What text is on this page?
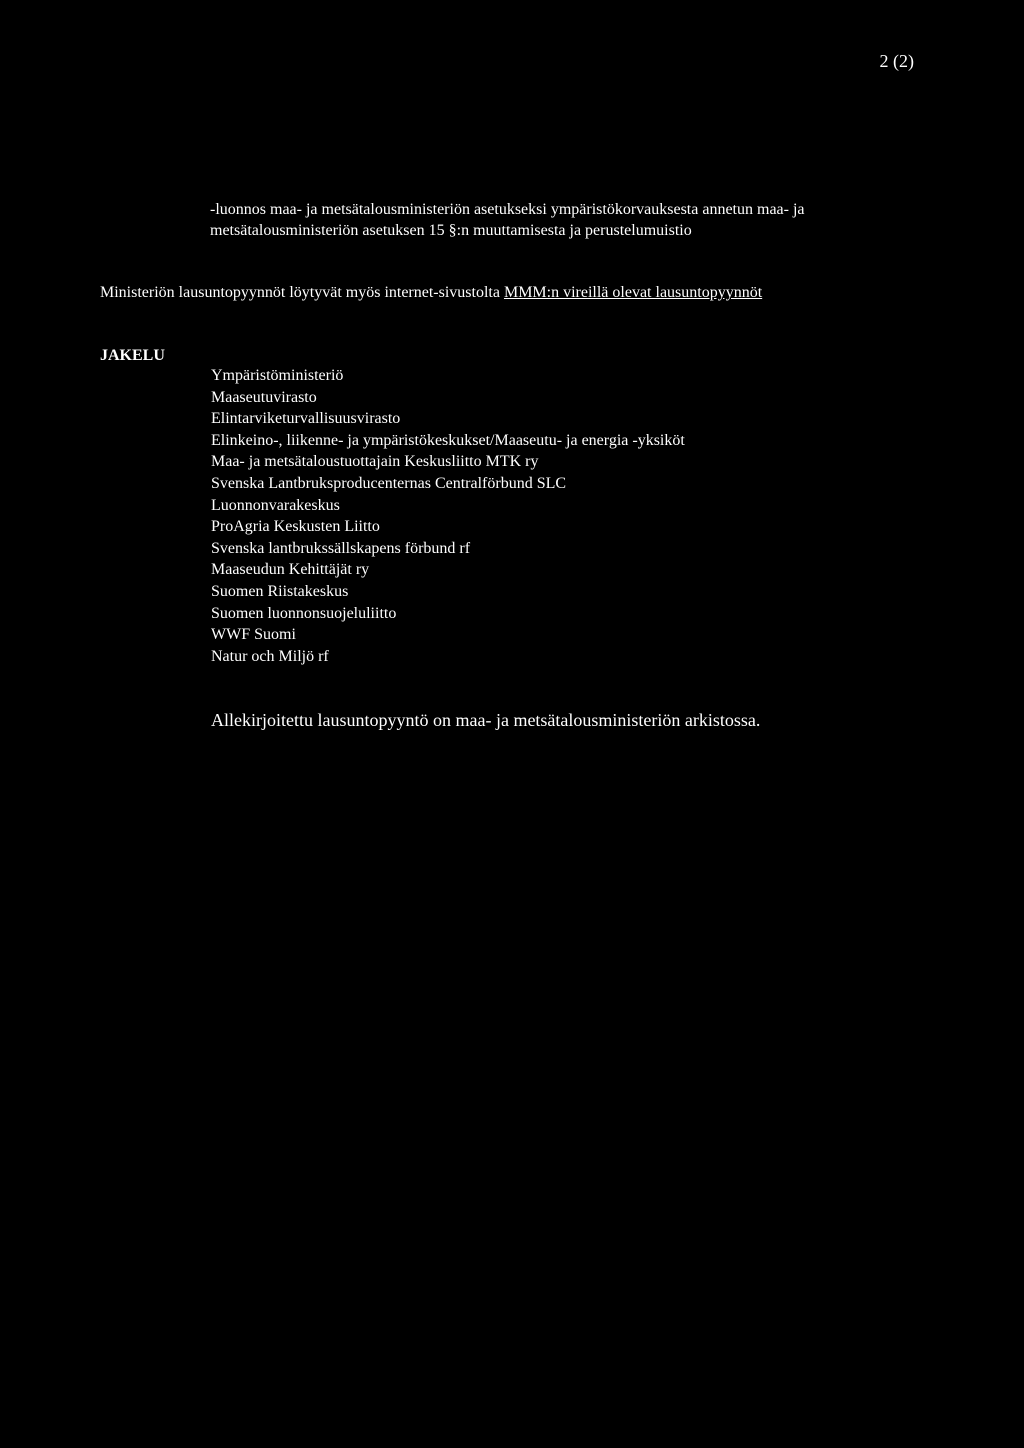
2 (2)
-luonnos maa- ja metsätalousministeriön asetukseksi ympäristökorvauksesta annetun maa- ja
metsätalousministeriön asetuksen 15 §:n muuttamisesta ja perustelumuistio
Ministeriön lausuntopyynnöt löytyvät myös internet-sivustolta MMM:n vireillä olevat lausuntopyynnöt
JAKELU
Ympäristöministeriö
Maaseutuvirasto
Elintarviketurvallisuusvirasto
Elinkeino-, liikenne- ja ympäristökeskukset/Maaseutu- ja energia -yksiköt
Maa- ja metsätaloustuottajain Keskusliitto MTK ry
Svenska Lantbruksproducenternas Centralförbund SLC
Luonnonvarakeskus
ProAgria Keskusten Liitto
Svenska lantbrukssällskapens förbund rf
Maaseudun Kehittäjät ry
Suomen Riistakeskus
Suomen luonnonsuojeluliitto
WWF Suomi
Natur och Miljö rf
Allekirjoitettu lausuntopyyntö on maa- ja metsätalousministeriön arkistossa.
